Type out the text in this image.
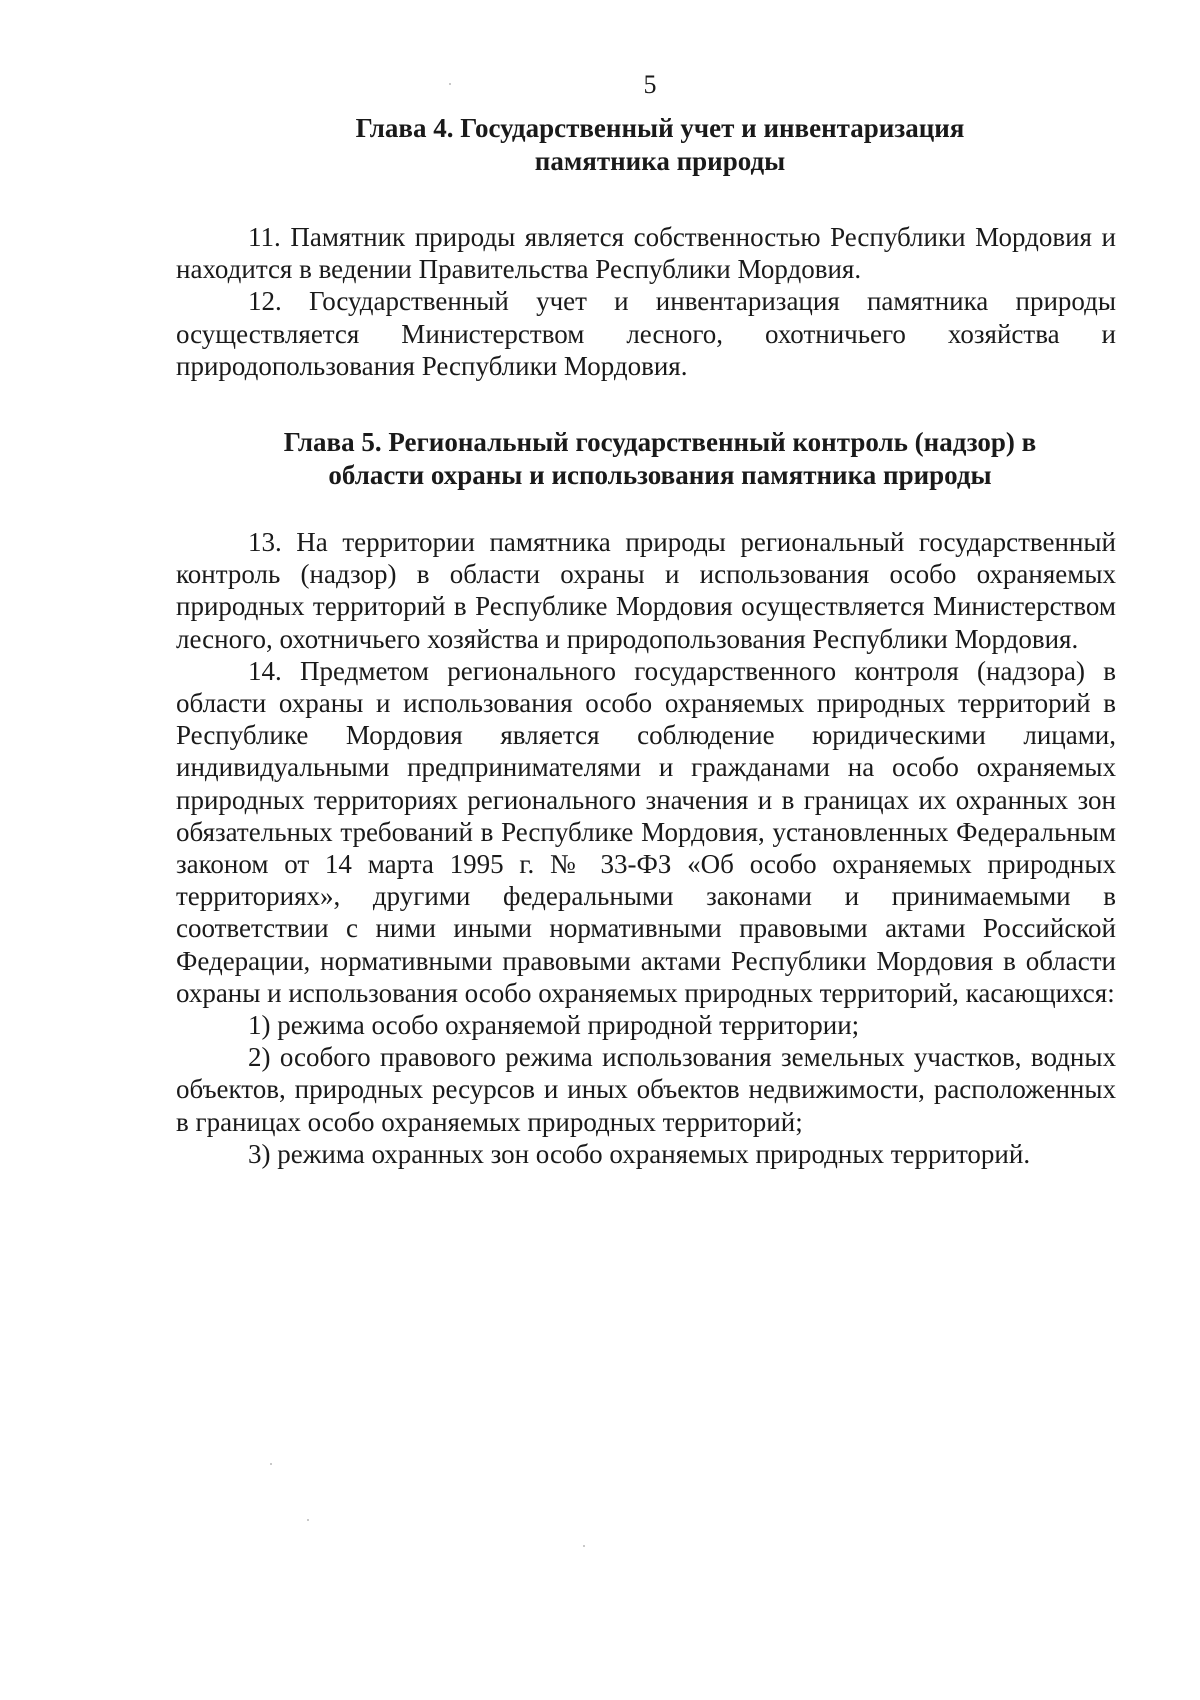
5
Глава 4. Государственный учет и инвентаризация
памятника природы

11. Памятник природы является собственностью Республики Мордовия и находится в ведении Правительства Республики Мордовия.

12. Государственный учет и инвентаризация памятника природы осуществляется Министерством лесного, охотничьего хозяйства и природопользования Республики Мордовия.

Глава 5. Региональный государственный контроль (надзор) в
области охраны и использования памятника природы

13. На территории памятника природы региональный государственный контроль (надзор) в области охраны и использования особо охраняемых природных территорий в Республике Мордовия осуществляется Министерством лесного, охотничьего хозяйства и природопользования Республики Мордовия.

14. Предметом регионального государственного контроля (надзора) в области охраны и использования особо охраняемых природных территорий в Республике Мордовия является соблюдение юридическими лицами, индивидуальными предпринимателями и гражданами на особо охраняемых природных территориях регионального значения и в границах их охранных зон обязательных требований в Республике Мордовия, установленных Федеральным законом от 14 марта 1995 г. № 33-ФЗ «Об особо охраняемых природных территориях», другими федеральными законами и принимаемыми в соответствии с ними иными нормативными правовыми актами Российской Федерации, нормативными правовыми актами Республики Мордовия в области охраны и использования особо охраняемых природных территорий, касающихся:

1) режима особо охраняемой природной территории;

2) особого правового режима использования земельных участков, водных объектов, природных ресурсов и иных объектов недвижимости, расположенных в границах особо охраняемых природных территорий;

3) режима охранных зон особо охраняемых природных территорий.
